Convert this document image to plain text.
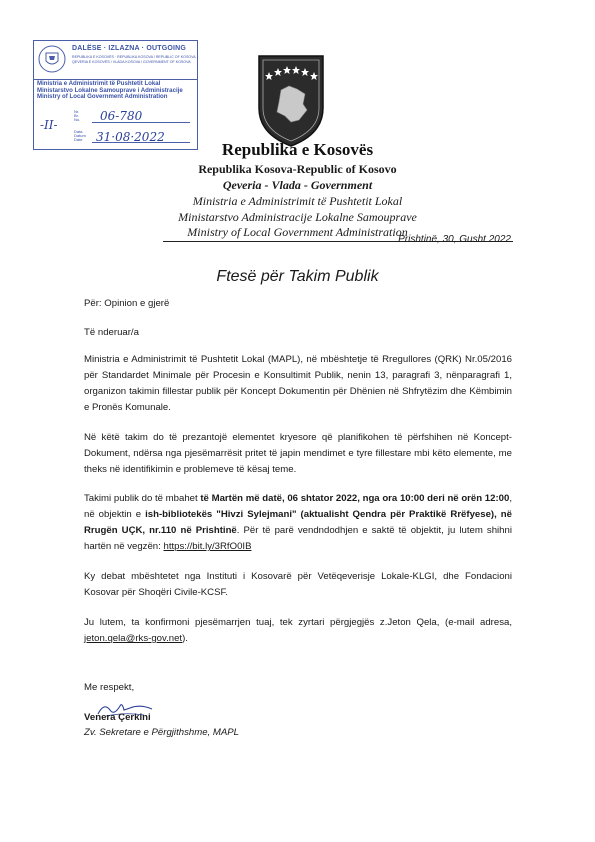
DALËSE · IZLAZNA · OUTGOING
REPUBLIKA E KOSOVËS · REPUBLIKA KOSOVA / REPUBLIC OF KOSOVA
QEVERIA E KOSOVËS / VLADA KOSOVA / GOVERNMENT OF KOSOVA
Ministria e Administrimit të Pushtetit Lokal
Ministarstvo Lokalne Samouprave i Administracije
Ministry of Local Government Administration
Nr.
Br.
No.
Data
Datum
Date
-II-
06-780
31·08·2022
Republika e Kosovës
Republika Kosova-Republic of Kosovo
Qeveria - Vlada - Government
Ministria e Administrimit të Pushtetit Lokal
Ministarstvo Administracije Lokalne Samouprave
Ministry of Local Government Administration
Prishtinë, 30, Gusht 2022
Ftesë për Takim Publik
Për: Opinion e gjerë
Të nderuar/a
Ministria e Administrimit të Pushtetit Lokal (MAPL), në mbështetje të Rregullores (QRK) Nr.05/2016 për Standardet Minimale për Procesin e Konsultimit Publik, nenin 13, paragrafi 3, nënparagrafi 1, organizon takimin fillestar publik për Koncept Dokumentin për Dhënien në Shfrytëzim dhe Këmbimin e Pronës Komunale.
Në këtë takim do të prezantojë elementet kryesore që planifikohen të përfshihen në Koncept-Dokument, ndërsa nga pjesëmarrësit pritet të japin mendimet e tyre fillestare mbi këto elemente, me theks në identifikimin e problemeve të kësaj teme.
Takimi publik do të mbahet të Martën më datë, 06 shtator 2022, nga ora 10:00 deri në orën 12:00, në objektin e ish-bibliotekës "Hivzi Sylejmani" (aktualisht Qendra për Praktikë Rrëfyese), në Rrugën UÇK, nr.110 në Prishtinë. Për të parë vendndodhjen e saktë të objektit, ju lutem shihni hartën në vegzën: https://bit.ly/3RfO0IB
Ky debat mbështetet nga Instituti i Kosovarë për Vetëqeverisje Lokale-KLGI, dhe Fondacioni Kosovar për Shoqëri Civile-KCSF.
Ju lutem, ta konfirmoni pjesëmarrjen tuaj, tek zyrtari përgjegjës z.Jeton Qela, (e-mail adresa, jeton.qela@rks-gov.net).
Me respekt,
Venera Çerkini
Zv. Sekretare e Përgjithshme, MAPL
